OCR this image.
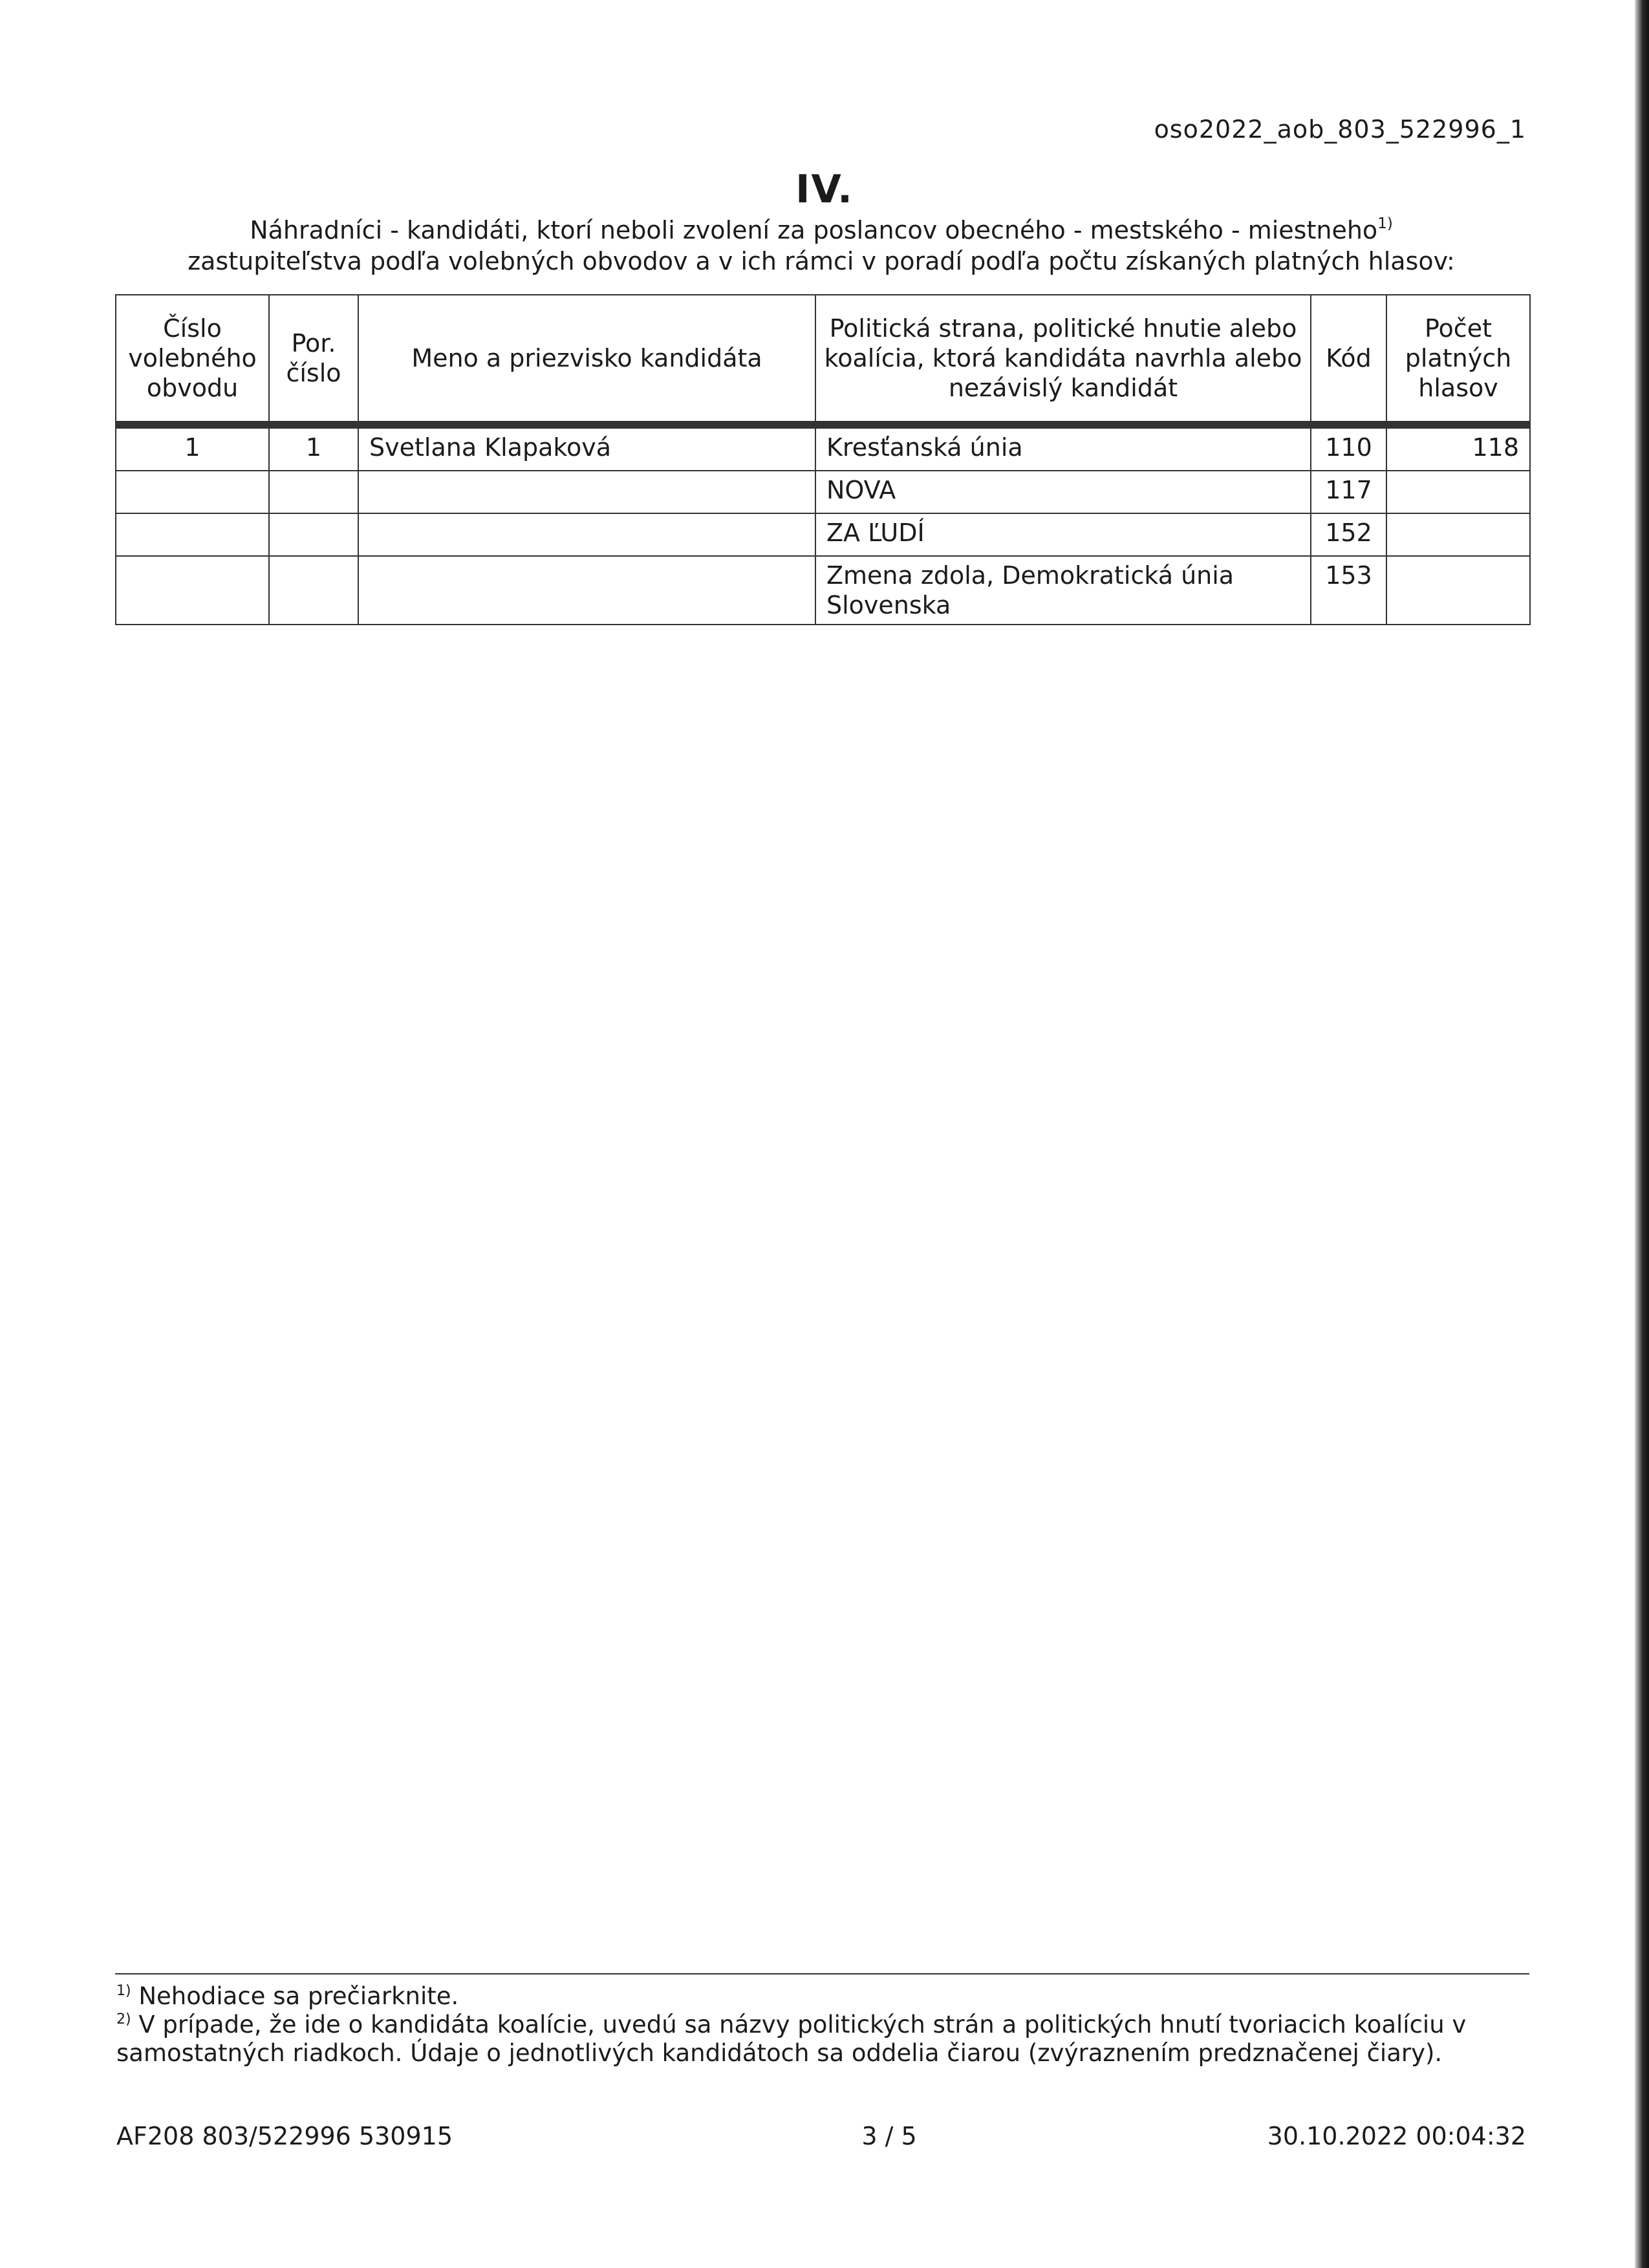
oso2022_aob_803_522996_1
IV.
Náhradníci - kandidáti, ktorí neboli zvolení za poslancov obecného - mestského - miestneho$^{1)}$
zastupiteľstva podľa volebných obvodov a v ich rámci v poradí podľa počtu získaných platných hlasov:
Číslo volebného obvodu	Por. číslo	Meno a priezvisko kandidáta	Politická strana, politické hnutie alebo koalícia, ktorá kandidáta navrhla alebo nezávislý kandidát	Kód	Počet platných hlasov
1	1	Svetlana Klapaková	Kresťanská únia	110	118
			NOVA	117	
			ZA ĽUDÍ	152	
			Zmena zdola, Demokratická únia Slovenska	153	

$^{1)}$ Nehodiace sa prečiarknite.

$^{2)}$ V prípade, že ide o kandidáta koalície, uvedú sa názvy politických strán a politických hnutí tvoriacich koalíciu v samostatných riadkoch. Údaje o jednotlivých kandidátoch sa oddelia čiarou (zvýraznením predznačenej čiary).

AF208 803/522996 530915	3 / 5	30.10.2022 00:04:32
